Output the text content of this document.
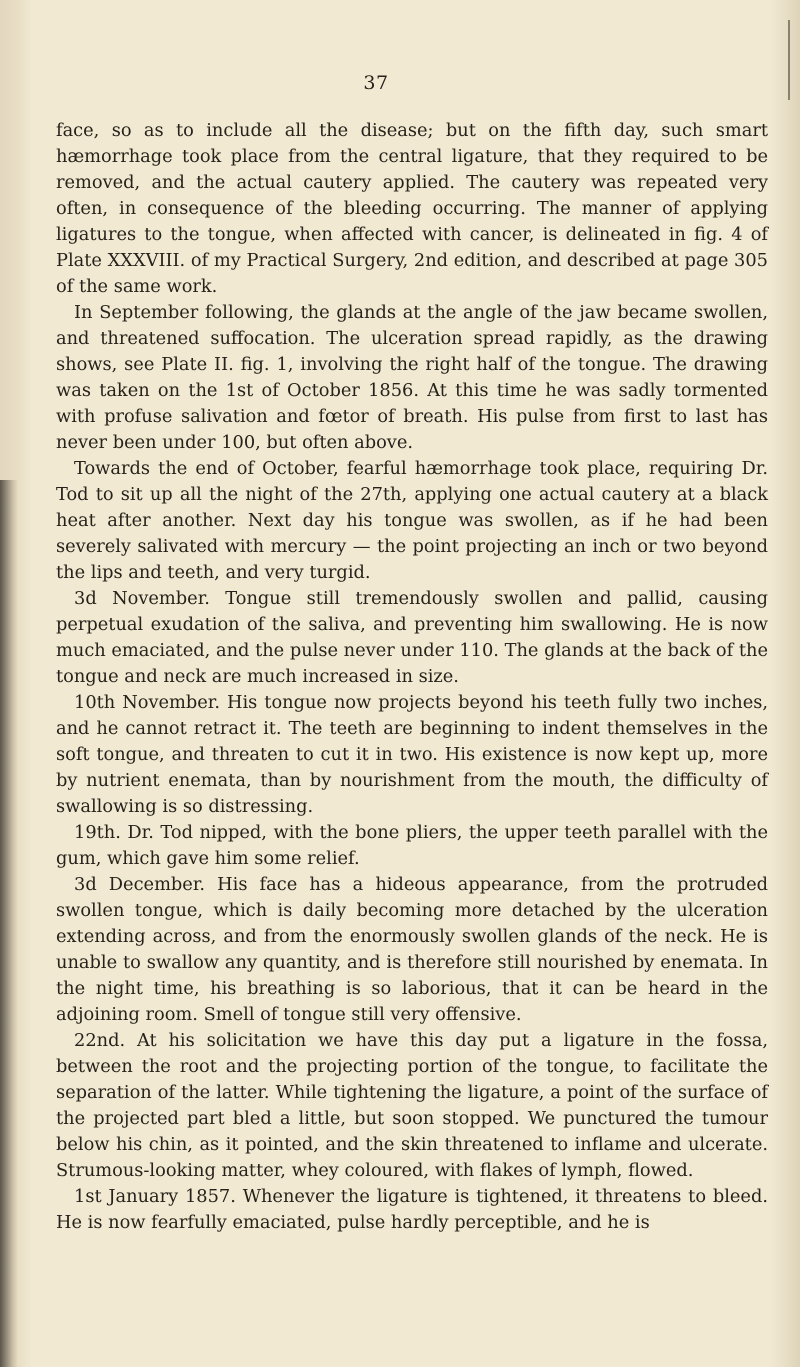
37

face, so as to include all the disease; but on the fifth day, such smart hæmorrhage took place from the central ligature, that they required to be removed, and the actual cautery applied. The cautery was repeated very often, in consequence of the bleeding occurring. The manner of applying ligatures to the tongue, when affected with cancer, is delineated in fig. 4 of Plate XXXVIII. of my Practical Surgery, 2nd edition, and described at page 305 of the same work.

In September following, the glands at the angle of the jaw became swollen, and threatened suffocation. The ulceration spread rapidly, as the drawing shows, see Plate II. fig. 1, involving the right half of the tongue. The drawing was taken on the 1st of October 1856. At this time he was sadly tormented with profuse salivation and fœtor of breath. His pulse from first to last has never been under 100, but often above.

Towards the end of October, fearful hæmorrhage took place, requiring Dr. Tod to sit up all the night of the 27th, applying one actual cautery at a black heat after another. Next day his tongue was swollen, as if he had been severely salivated with mercury — the point projecting an inch or two beyond the lips and teeth, and very turgid.

3d November. Tongue still tremendously swollen and pallid, causing perpetual exudation of the saliva, and preventing him swallowing. He is now much emaciated, and the pulse never under 110. The glands at the back of the tongue and neck are much increased in size.

10th November. His tongue now projects beyond his teeth fully two inches, and he cannot retract it. The teeth are beginning to indent themselves in the soft tongue, and threaten to cut it in two. His existence is now kept up, more by nutrient enemata, than by nourishment from the mouth, the difficulty of swallowing is so distressing.

19th. Dr. Tod nipped, with the bone pliers, the upper teeth parallel with the gum, which gave him some relief.

3d December. His face has a hideous appearance, from the protruded swollen tongue, which is daily becoming more detached by the ulceration extending across, and from the enormously swollen glands of the neck. He is unable to swallow any quantity, and is therefore still nourished by enemata. In the night time, his breathing is so laborious, that it can be heard in the adjoining room. Smell of tongue still very offensive.

22nd. At his solicitation we have this day put a ligature in the fossa, between the root and the projecting portion of the tongue, to facilitate the separation of the latter. While tightening the ligature, a point of the surface of the projected part bled a little, but soon stopped. We punctured the tumour below his chin, as it pointed, and the skin threatened to inflame and ulcerate. Strumous-looking matter, whey coloured, with flakes of lymph, flowed.

1st January 1857. Whenever the ligature is tightened, it threatens to bleed. He is now fearfully emaciated, pulse hardly perceptible, and he is
